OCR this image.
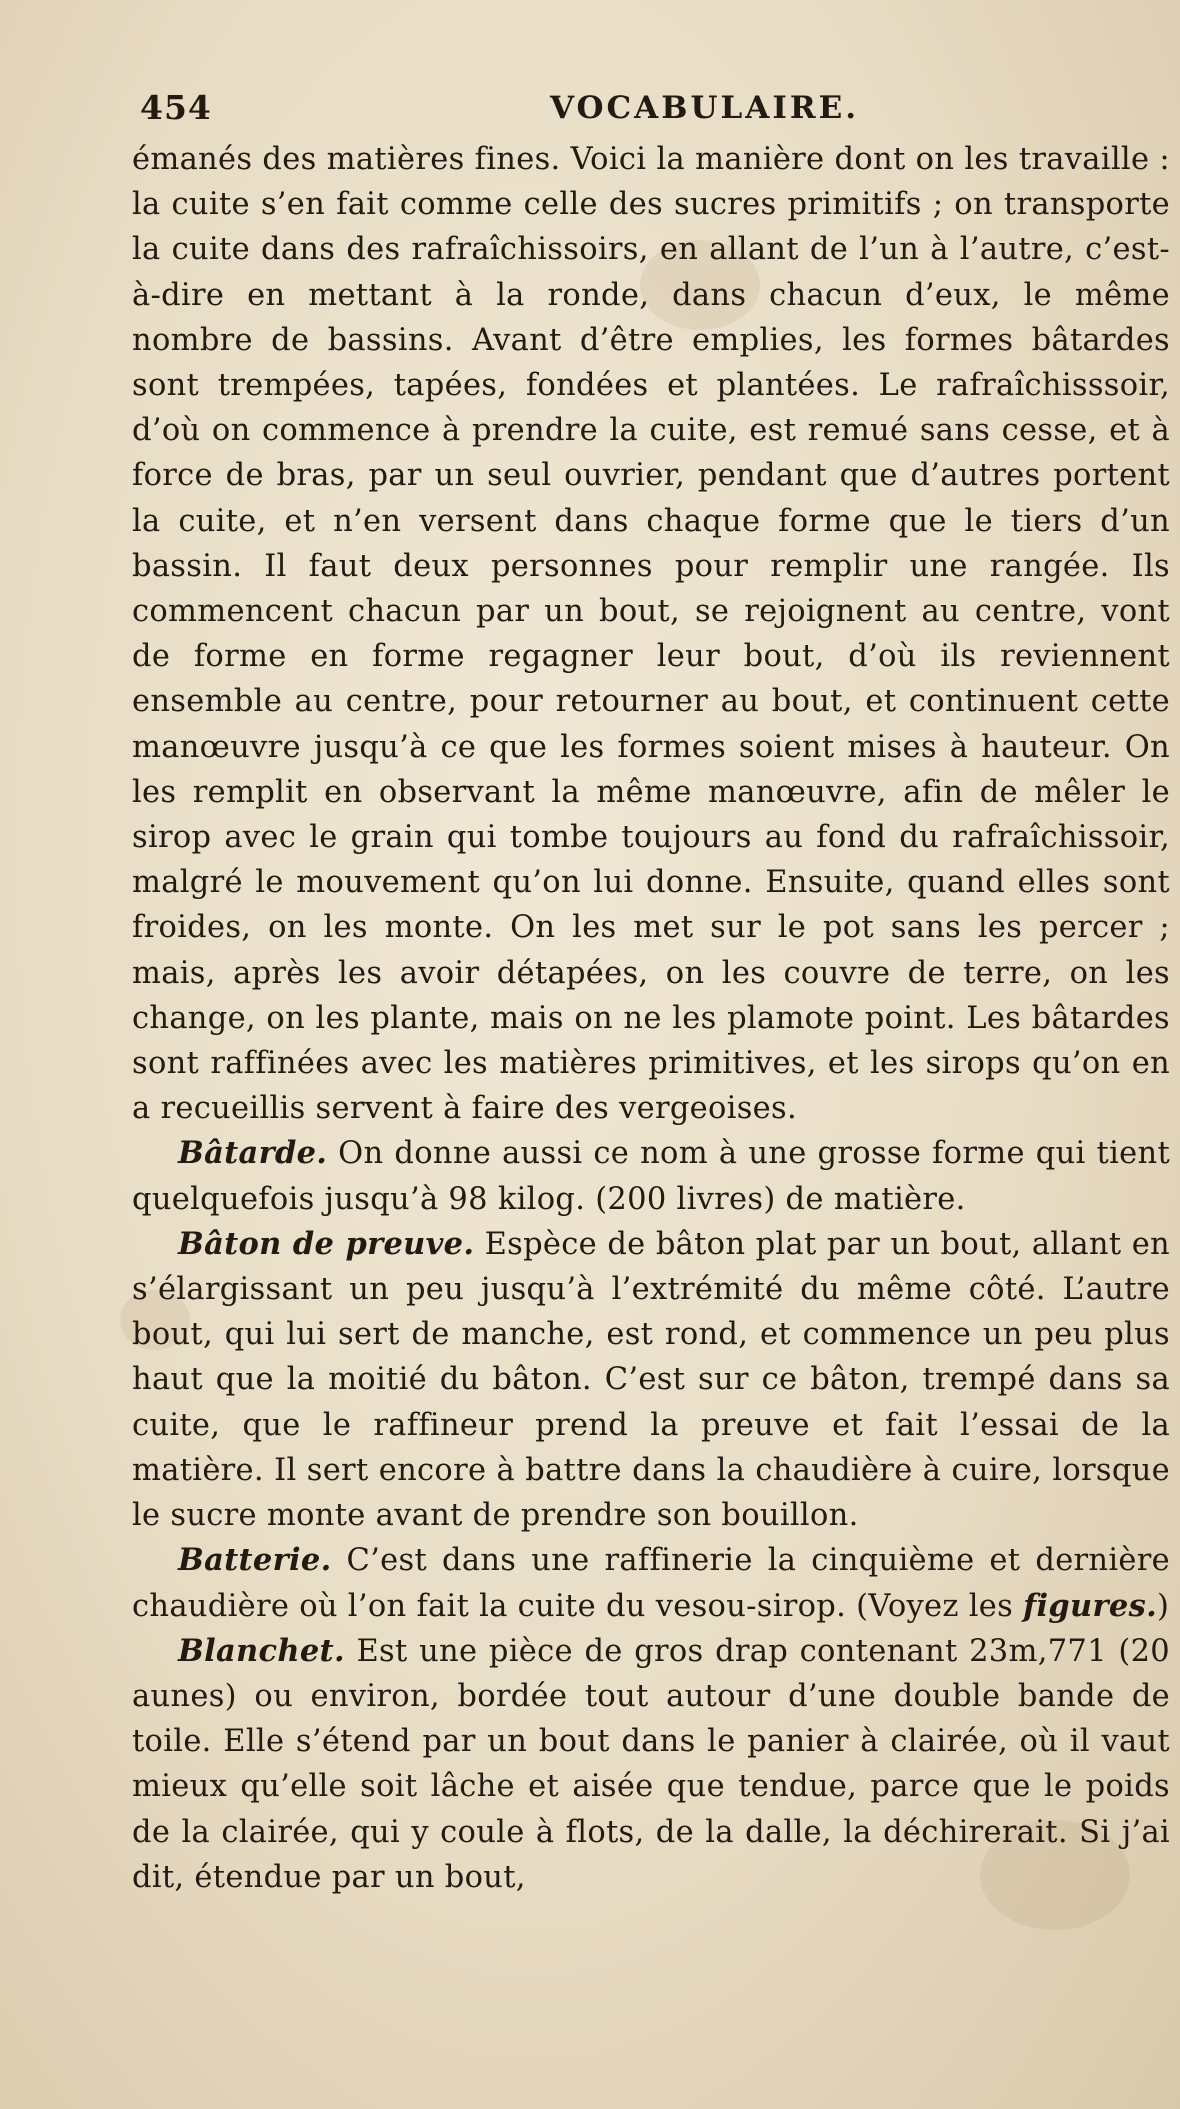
454	VOCABULAIRE.

émanés des matières fines. Voici la manière dont on les travaille : la cuite s’en fait comme celle des sucres primitifs ; on transporte la cuite dans des rafraîchissoirs, en allant de l’un à l’autre, c’est-à-dire en mettant à la ronde, dans chacun d’eux, le même nombre de bassins. Avant d’être emplies, les formes bâtardes sont trempées, tapées, fondées et plantées. Le rafraîchisssoir, d’où on commence à prendre la cuite, est remué sans cesse, et à force de bras, par un seul ouvrier, pendant que d’autres portent la cuite, et n’en versent dans chaque forme que le tiers d’un bassin. Il faut deux personnes pour remplir une rangée. Ils commencent chacun par un bout, se rejoignent au centre, vont de forme en forme regagner leur bout, d’où ils reviennent ensemble au centre, pour retourner au bout, et continuent cette manœuvre jusqu’à ce que les formes soient mises à hauteur. On les remplit en observant la même manœuvre, afin de mêler le sirop avec le grain qui tombe toujours au fond du rafraîchissoir, malgré le mouvement qu’on lui donne. Ensuite, quand elles sont froides, on les monte. On les met sur le pot sans les percer ; mais, après les avoir détapées, on les couvre de terre, on les change, on les plante, mais on ne les plamote point. Les bâtardes sont raffinées avec les matières primitives, et les sirops qu’on en a recueillis servent à faire des vergeoises.

Bâtarde. On donne aussi ce nom à une grosse forme qui tient quelquefois jusqu’à 98 kilog. (200 livres) de matière.

Bâton de preuve. Espèce de bâton plat par un bout, allant en s’élargissant un peu jusqu’à l’extrémité du même côté. L’autre bout, qui lui sert de manche, est rond, et commence un peu plus haut que la moitié du bâton. C’est sur ce bâton, trempé dans sa cuite, que le raffineur prend la preuve et fait l’essai de la matière. Il sert encore à battre dans la chaudière à cuire, lorsque le sucre monte avant de prendre son bouillon.

Batterie. C’est dans une raffinerie la cinquième et dernière chaudière où l’on fait la cuite du vesou-sirop. (Voyez les figures.)

Blanchet. Est une pièce de gros drap contenant 23m,771 (20 aunes) ou environ, bordée tout autour d’une double bande de toile. Elle s’étend par un bout dans le panier à clairée, où il vaut mieux qu’elle soit lâche et aisée que tendue, parce que le poids de la clairée, qui y coule à flots, de la dalle, la déchirerait. Si j’ai dit, étendue par un bout,
